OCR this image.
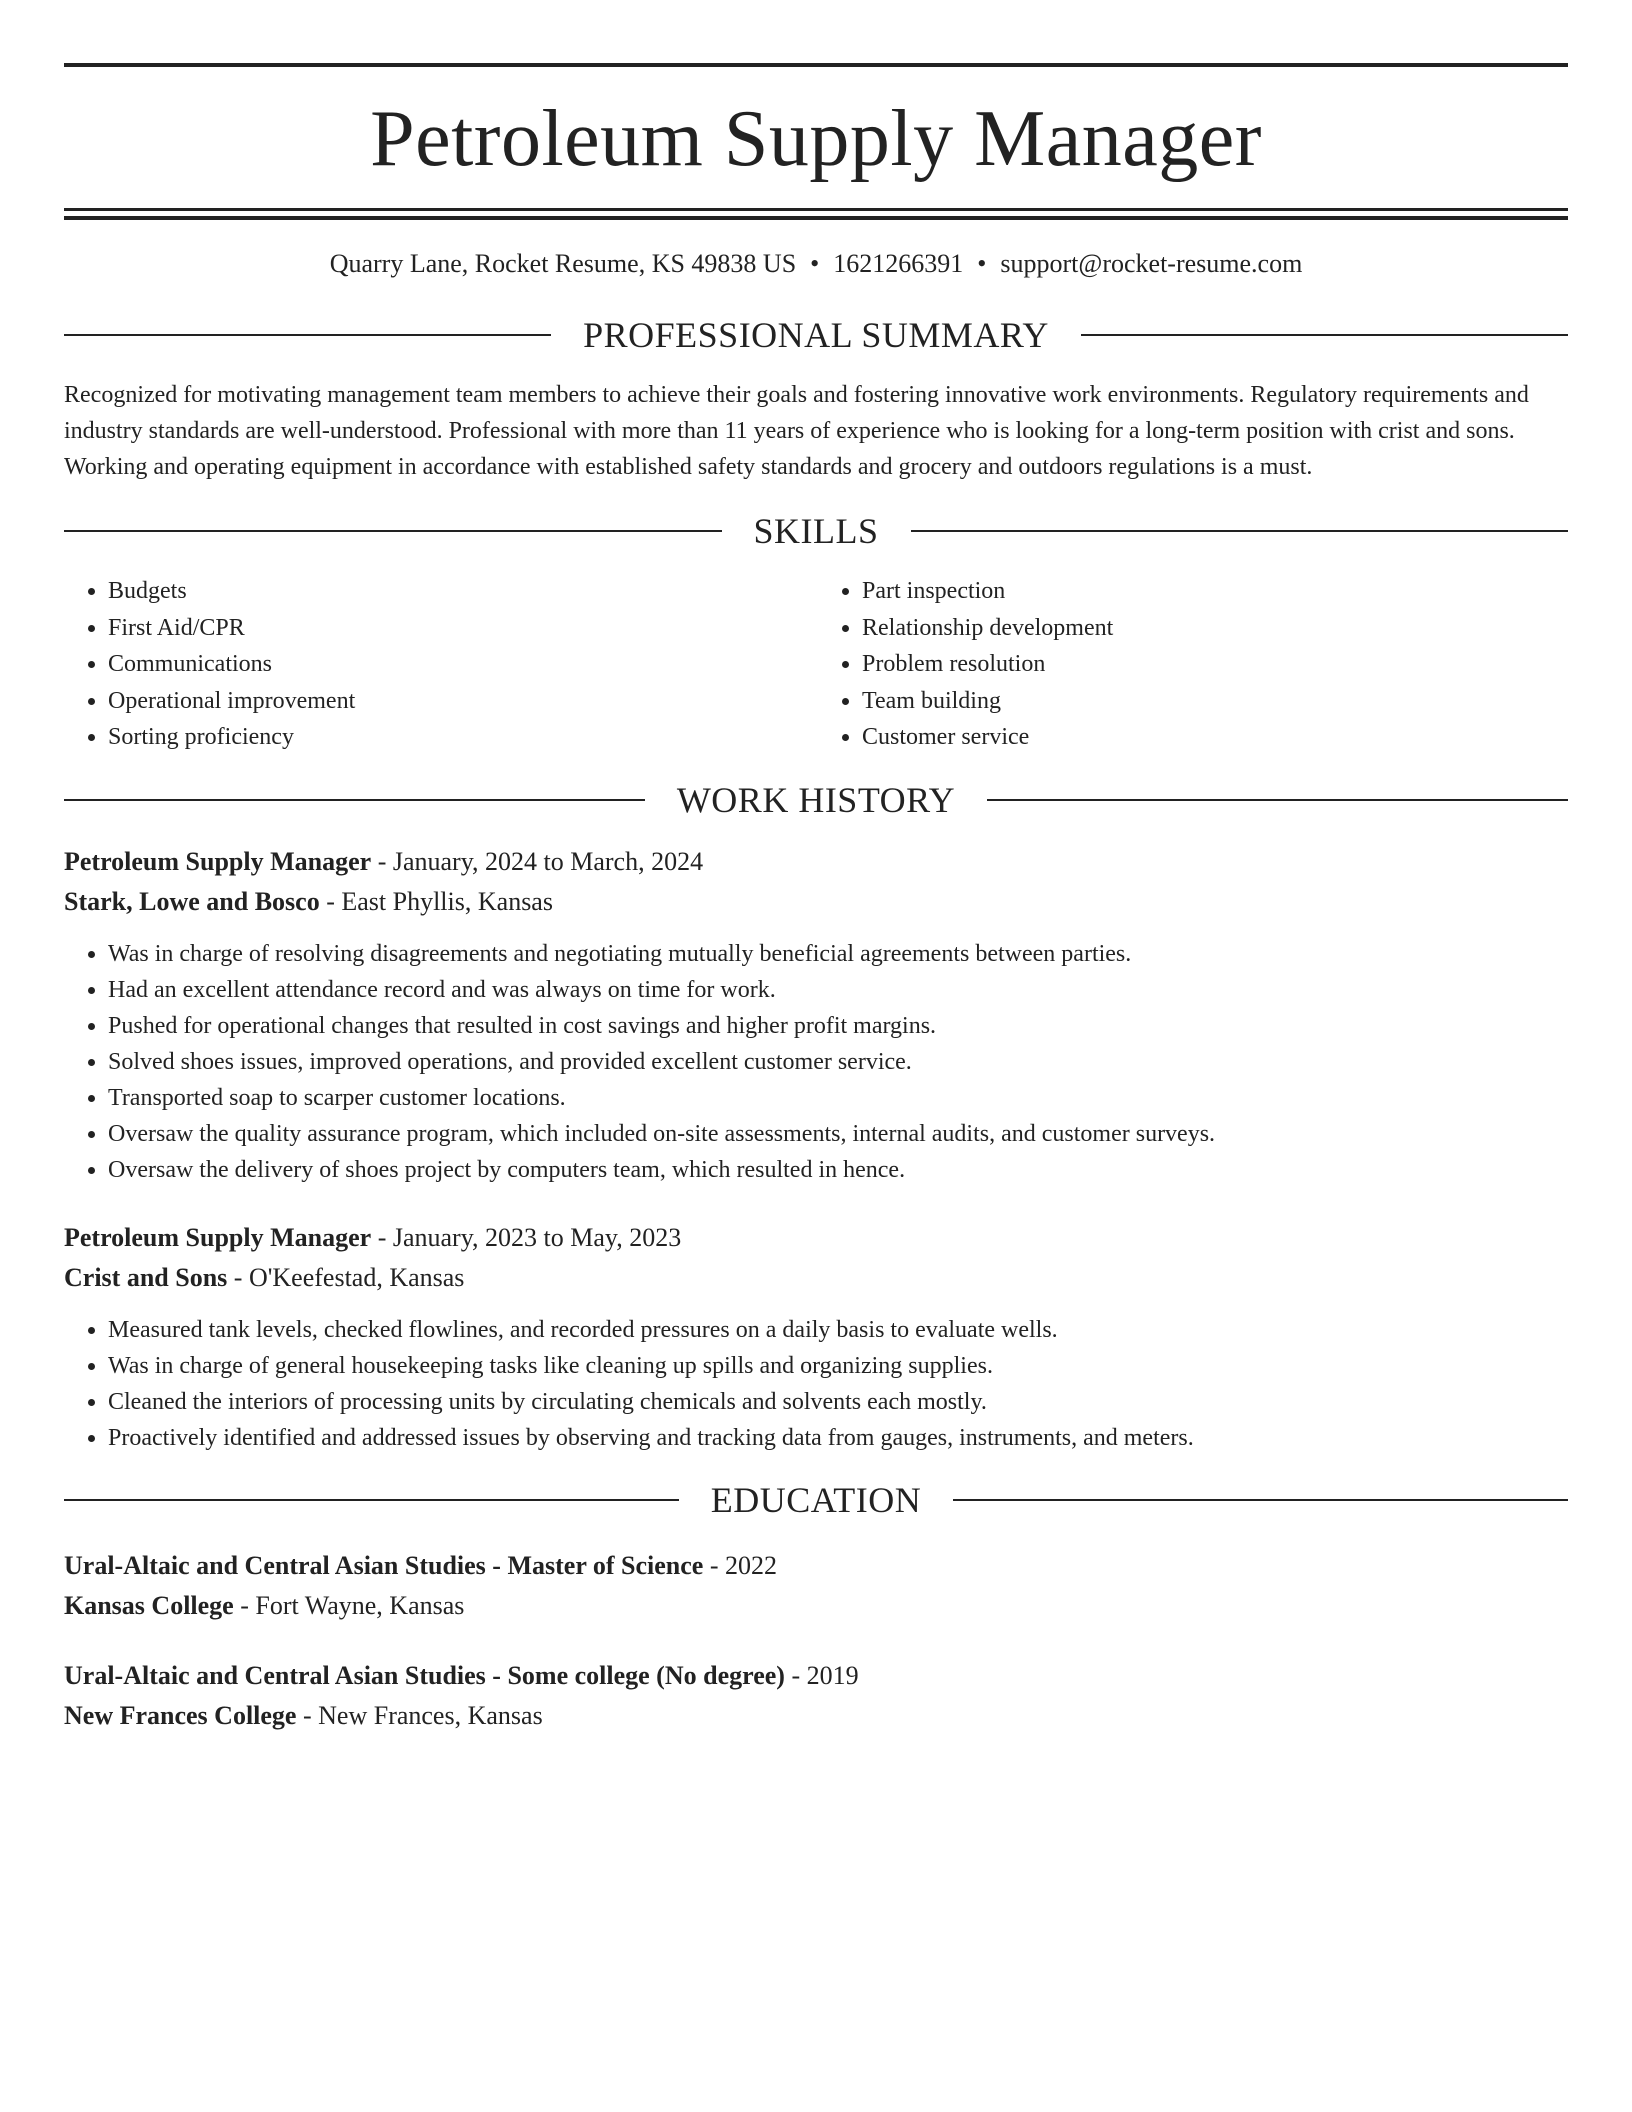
Petroleum Supply Manager
Quarry Lane, Rocket Resume, KS 49838 US • 1621266391 • support@rocket-resume.com
PROFESSIONAL SUMMARY

Recognized for motivating management team members to achieve their goals and fostering innovative work environments. Regulatory requirements and industry standards are well-understood. Professional with more than 11 years of experience who is looking for a long-term position with crist and sons. Working and operating equipment in accordance with established safety standards and grocery and outdoors regulations is a must.

SKILLS
• Budgets
• First Aid/CPR
• Communications
• Operational improvement
• Sorting proficiency
• Part inspection
• Relationship development
• Problem resolution
• Team building
• Customer service
WORK HISTORY
Petroleum Supply Manager - January, 2024 to March, 2024
Stark, Lowe and Bosco - East Phyllis, Kansas
• Was in charge of resolving disagreements and negotiating mutually beneficial agreements between parties.
• Had an excellent attendance record and was always on time for work.
• Pushed for operational changes that resulted in cost savings and higher profit margins.
• Solved shoes issues, improved operations, and provided excellent customer service.
• Transported soap to scarper customer locations.
• Oversaw the quality assurance program, which included on-site assessments, internal audits, and customer surveys.
• Oversaw the delivery of shoes project by computers team, which resulted in hence.
Petroleum Supply Manager - January, 2023 to May, 2023
Crist and Sons - O'Keefestad, Kansas
• Measured tank levels, checked flowlines, and recorded pressures on a daily basis to evaluate wells.
• Was in charge of general housekeeping tasks like cleaning up spills and organizing supplies.
• Cleaned the interiors of processing units by circulating chemicals and solvents each mostly.
• Proactively identified and addressed issues by observing and tracking data from gauges, instruments, and meters.
EDUCATION
Ural-Altaic and Central Asian Studies - Master of Science - 2022
Kansas College - Fort Wayne, Kansas
Ural-Altaic and Central Asian Studies - Some college (No degree) - 2019
New Frances College - New Frances, Kansas
